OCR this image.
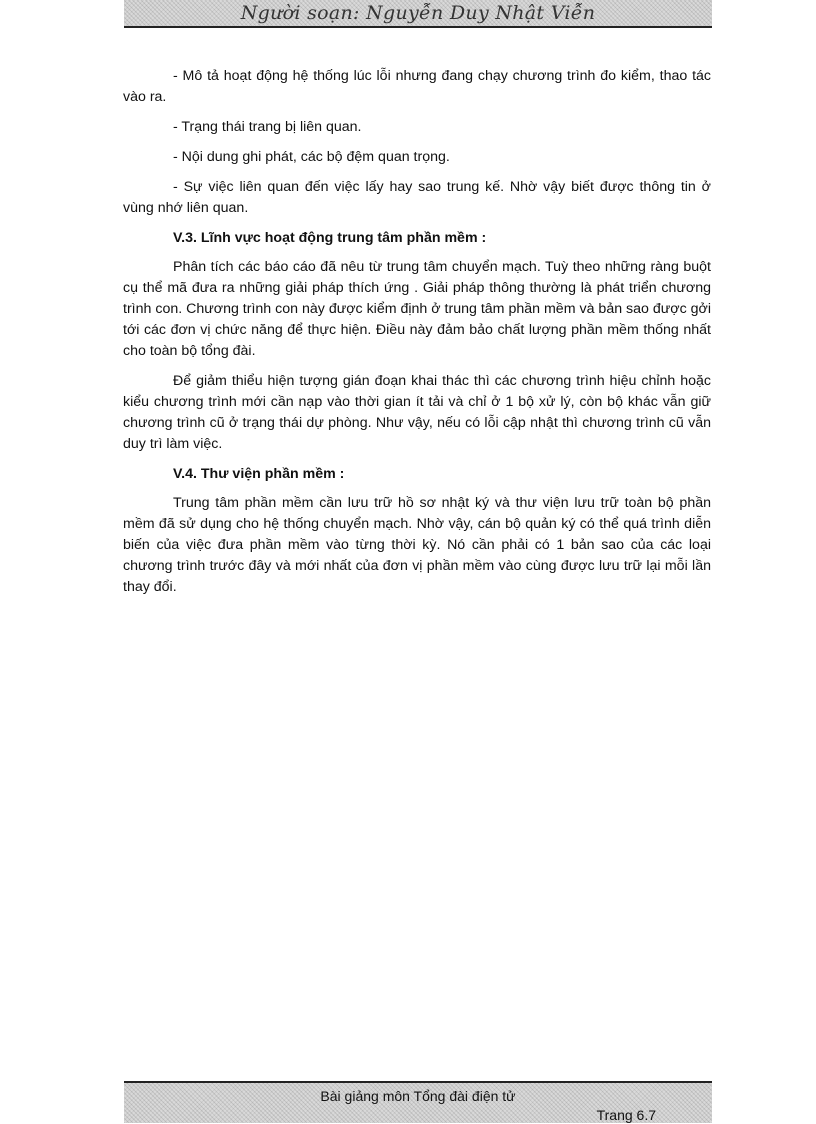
Người soạn: Nguyễn Duy Nhật Viễn

- Mô tả hoạt động hệ thống lúc lỗi nhưng đang chạy chương trình đo kiểm, thao tác vào ra.

- Trạng thái trang bị liên quan.

- Nội dung ghi phát, các bộ đệm quan trọng.

- Sự việc liên quan đến việc lấy hay sao trung kế. Nhờ vậy biết được thông tin ở vùng nhớ liên quan.

V.3. Lĩnh vực hoạt động trung tâm phần mềm :

Phân tích các báo cáo đã nêu từ trung tâm chuyển mạch. Tuỳ theo những ràng buột cụ thể mã đưa ra những giải pháp thích ứng . Giải pháp thông thường là phát triển chương trình con. Chương trình con này được kiểm định ở trung tâm phần mềm và bản sao được gởi tới các đơn vị chức năng để thực hiện. Điều này đảm bảo chất lượng phần mềm thống nhất cho toàn bộ tổng đài.

Để giảm thiểu hiện tượng gián đoạn khai thác thì các chương trình hiệu chỉnh hoặc kiểu chương trình mới cần nạp vào thời gian ít tải và chỉ ở 1 bộ xử lý, còn bộ khác vẫn giữ chương trình cũ ở trạng thái dự phòng. Như vậy, nếu có lỗi cập nhật thì chương trình cũ vẫn duy trì làm việc.

V.4. Thư viện phần mềm :

Trung tâm phần mềm cần lưu trữ hồ sơ nhật ký và thư viện lưu trữ toàn bộ phần mềm đã sử dụng cho hệ thống chuyển mạch. Nhờ vậy, cán bộ quản ký có thể quá trình diễn biến của việc đưa phần mềm vào từng thời kỳ. Nó cần phải có 1 bản sao của các loại chương trình trước đây và mới nhất của đơn vị phần mềm vào cùng được lưu trữ lại mỗi lần thay đổi.

Bài giảng môn Tổng đài điện tử
Trang 6.7
